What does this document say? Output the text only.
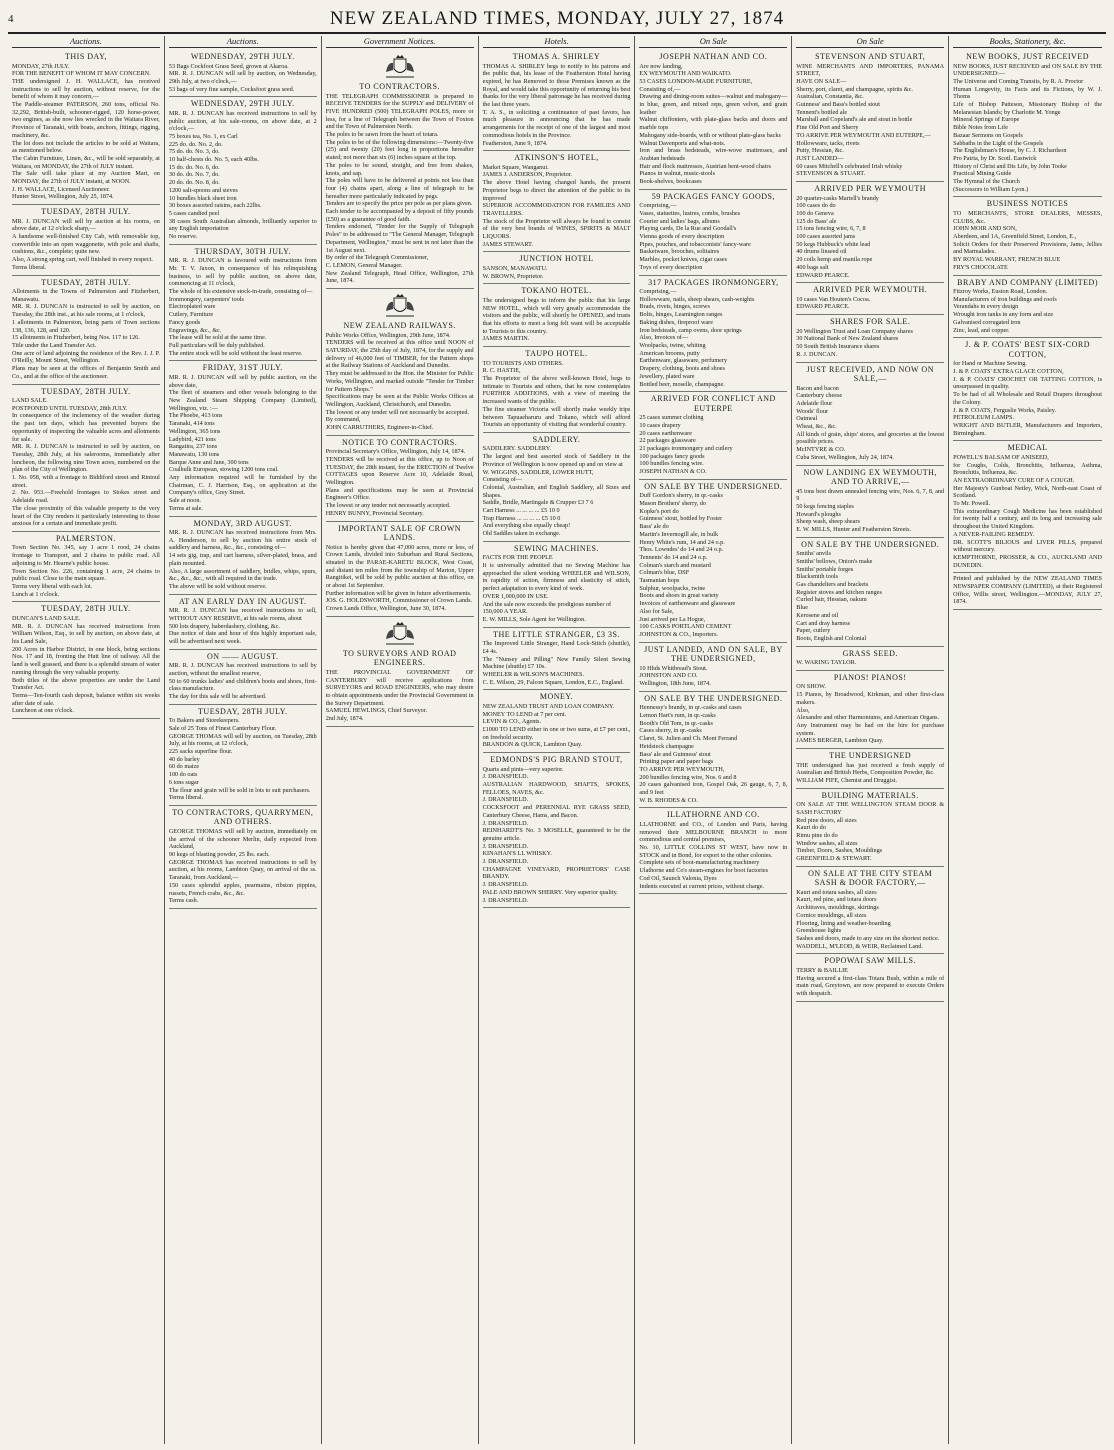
4	NEW ZEALAND TIMES, MONDAY, JULY 27, 1874
Auctions.
THIS DAY,
MONDAY, 27th JULY.
FOR THE BENEFIT OF WHOM IT MAY CONCERN.
THE undersigned J. H. WALLACE, has received instructions to sell by auction, without reserve, for the benefit of whom it may concern,—
The Paddle-steamer PATERSON, 260 tons, official No. 32,292, British-built, schooner-rigged, 120 horse-power, two engines, as she now lies wrecked in the Waitara River, Province of Taranaki, with boats, anchors, fittings, rigging, machinery, &c.
The lot does not include the articles to be sold at Waitara, as mentioned below.
The Cabin Furniture, Linen, &c., will be sold separately, at Waitara, on MONDAY, the 27th of JULY instant.
The Sale will take place at my Auction Mart, on MONDAY, the 27th of JULY instant, at NOON.
J. H. WALLACE, Licensed Auctioneer.
Hunter Street, Wellington, July 25, 1874.
TUESDAY, 28TH JULY.
MR. J. DUNCAN will sell by auction at his rooms, on above date, at 12 o'clock sharp,—
A handsome well-finished City Cab, with removable top, convertible into an open waggonette, with pole and shafts, cushions, &c., complete; quite new.
Also, A strong spring cart, well finished in every respect.
Terms liberal.
TUESDAY, 28TH JULY.
Allotments in the Towns of Palmerston and Fitzherbert, Manawatu.
MR. R. J. DUNCAN is instructed to sell by auction, on Tuesday, the 28th inst., at his sale rooms, at 1 o'clock,
1 allotments in Palmerston, being parts of Town sections 138, 136, 128, and 120.
15 allotments in Fitzherbert, being Nos. 117 to 126.
Title under the Land Transfer Act.
One acre of land adjoining the residence of the Rev. J. J. P. O'Reilly, Mount Street, Wellington.
Plans may be seen at the offices of Benjamin Smith and Co., and at the office of the auctioneer.
TUESDAY, 28TH JULY.
LAND SALE.
POSTPONED UNTIL TUESDAY, 28th JULY.
In consequence of the inclemency of the weather during the past ten days, which has prevented buyers the opportunity of inspecting the valuable acres and allotments for sale.
MR. R. J. DUNCAN is instructed to sell by auction, on Tuesday, 28th July, at his salerooms, immediately after luncheon, the following nine Town acres, numbered on the plan of the City of Wellington.
1. No. 958, with a frontage to Biddiford street and Rintoul street.
2. No. 953.—Freehold frontages to Stokes street and Adelaide road.
The close proximity of this valuable property to the very heart of the City renders it particularly interesting to those anxious for a certain and immediate profit.
PALMERSTON.
Town Section No. 345, say 1 acre 1 rood, 24 chains frontage to Transport, and 2 chains to public road. All adjoining to Mr. Hearne's public house.
Town Section No. 226, containing 1 acre, 24 chains to public road. Close to the main square.
Terms very liberal with each lot.
Lunch at 1 o'clock.
TUESDAY, 28TH JULY.
DUNCAN'S LAND SALE.
MR. R. J. DUNCAN has received instructions from William Wilson, Esq., to sell by auction, on above date, at his Land Sale,
200 Acres in Harbor District, in one block, being sections Nos. 17 and 18, fronting the Hutt line of railway. All the land is well grassed, and there is a splendid stream of water running through the very valuable property.
Both titles of the above properties are under the Land Transfer Act.
Terms—Ten-fourth cash deposit, balance within six weeks after date of sale.
Luncheon at one o'clock.
Auctions.
WEDNESDAY, 29TH JULY.
53 Bags Cockfoot Grass Seed, grown at Akaroa.
MR. R. J. DUNCAN will sell by auction, on Wednesday, 29th July, at two o'clock,—
53 bags of very fine sample, Cocksfoot grass seed.
WEDNESDAY, 29TH JULY.
MR. R. J. DUNCAN has received instructions to sell by public auction, at his sale-rooms, on above date, at 2 o'clock,—
75 boxes tea, No. 1, ex Carl
225 do. do. No. 2, do.
75 do. do. No. 3, do.
10 half-chests do. No. 5, each 40lbs.
15 do. do. No. 6, do.
30 do. do. No. 7, do.
20 do. do. No. 8, do.
1200 salt-spoons and sieves
10 bundles black sheet iron
30 boxes assorted raisins, each 22lbs.
5 cases candied peel
38 cases South Australian almonds, brilliantly superior to any English importation
No reserve.
THURSDAY, 30TH JULY.
MR. R. J. DUNCAN is favoured with instructions from Mr. T. V. Jaxon, in consequence of his relinquishing business, to sell by public auction, on above date, commencing at 11 o'clock,
The whole of his extensive stock-in-trade, consisting of—
Ironmongery, carpenters' tools
Electroplated ware
Cutlery, Furniture
Fancy goods
Engravings, &c., &c.
The lease will be sold at the same time.
Full particulars will be duly published.
The entire stock will be sold without the least reserve.
FRIDAY, 31ST JULY.
MR. R. J. DUNCAN will sell by public auction, on the above date,
The fleet of steamers and other vessels belonging to the New Zealand Steam Shipping Company (Limited), Wellington, viz. :—
The Phoebe, 413 tons
Taranaki, 414 tons
Wellington, 365 tons
Ladybird, 421 tons
Rangatira, 237 tons
Manawatu, 130 tons
Barque Anne and Jane, 300 tons
Coalhulk European, stowing 1200 tons coal.
Any information required will be furnished by the Chairman, C. J. Harrison, Esq., on application at the Company's office, Grey Street.
Sale at noon.
Terms at sale.
MONDAY, 3RD AUGUST.
MR. R. J. DUNCAN has received instructions from Mrs. A. Henderson, to sell by auction his entire stock of saddlery and harness, &c., &c., consisting of—
14 sets gig, trap, and cart harness, silver-plated, brass, and plain mounted.
Also, A large assortment of saddlery, bridles, whips, spurs, &c., &c., &c., with all required in the trade.
The above will be sold without reserve.
AT AN EARLY DAY IN AUGUST.
MR. R. J. DUNCAN has received instructions to sell, WITHOUT ANY RESERVE, at his sale rooms, about
500 lots drapery, haberdashery, clothing, &c.
Due notice of date and hour of this highly important sale, will be advertised next week.
ON —— AUGUST.
MR. R. J. DUNCAN has received instructions to sell by auction, without the smallest reserve,
50 to 60 trunks ladies' and children's boots and shoes, first-class manufacture.
The day for this sale will be advertised.
TUESDAY, 28TH JULY.
To Bakers and Storekeepers.
Sale of 25 Tons of Finest Canterbury Flour.
GEORGE THOMAS will sell by auction, on Tuesday, 28th July, at his rooms, at 12 o'clock,
225 sacks superfine flour.
40 do barley
60 do maize
100 do oats
6 tons sugar
The flour and grain will be sold in lots to suit purchasers.
Terms liberal.
TO CONTRACTORS, QUARRYMEN, AND OTHERS.
GEORGE THOMAS will sell by auction, immediately on the arrival of the schooner Merlin, daily expected from Auckland,
90 kegs of blasting powder, 25 lbs. each.
GEORGE THOMAS has received instructions to sell by auction, at his rooms, Lambton Quay, on arrival of the ss. Taranaki, from Auckland,—
150 cases splendid apples, pearmains, ribston pippins, russets, French crabs, &c., &c.
Terms cash.
Government Notices.
TO CONTRACTORS.
THE TELEGRAPH COMMISSIONER is prepared to RECEIVE TENDERS for the SUPPLY and DELIVERY of FIVE HUNDRED (500) TELEGRAPH POLES, more or less, for a line of Telegraph between the Town of Foxton and the Town of Palmerston North.
The poles to be sawn from the heart of totara.
The poles to be of the following dimensions:—Twenty-five (25) and twenty (20) feet long in proportions hereafter stated; not more than six (6) inches square at the top.
The poles to be sound, straight, and free from shakes, knots, and sap.
The poles will have to be delivered at points not less than four (4) chains apart, along a line of telegraph to be hereafter more particularly indicated by pegs.
Tenders are to specify the price per pole as per plans given.
Each tender to be accompanied by a deposit of fifty pounds (£50) as a guarantee of good faith.
Tenders endorsed, "Tender for the Supply of Telegraph Poles" to be addressed to "The General Manager, Telegraph Department, Wellington," must be sent in not later than the 1st August next.
By order of the Telegraph Commissioner,
C. LEMON, General Manager.
New Zealand Telegraph, Head Office, Wellington, 27th June, 1874.
NEW ZEALAND RAILWAYS.
Public Works Office, Wellington, 29th June, 1874.
TENDERS will be received at this office until NOON of SATURDAY, the 25th day of July, 1874, for the supply and delivery of 46,000 feet of TIMBER, for the Pattern shops at the Railway Stations of Auckland and Dunedin.
They must be addressed to the Hon. the Minister for Public Works, Wellington, and marked outside "Tender for Timber for Pattern Shops."
Specifications may be seen at the Public Works Offices at Wellington, Auckland, Christchurch, and Dunedin.
The lowest or any tender will not necessarily be accepted.
By command,
JOHN CARRUTHERS, Engineer-in-Chief.
NOTICE TO CONTRACTORS.
Provincial Secretary's Office, Wellington, July 14, 1874.
TENDERS will be received at this office, up to Noon of TUESDAY, the 28th instant, for the ERECTION of Twelve COTTAGES upon Reserve Acre 10, Adelaide Road, Wellington.
Plans and specifications may be seen at Provincial Engineer's Office.
The lowest or any tender not necessarily accepted.
HENRY BUNNY, Provincial Secretary.
IMPORTANT SALE OF CROWN LANDS.
Notice is hereby given that 47,000 acres, more or less, of Crown Lands, divided into Suburban and Rural Sections, situated in the PARAE-KARETU BLOCK, West Coast, and distant ten miles from the township of Marton, Upper Rangitikei, will be sold by public auction at this office, on or about 1st September.
Further information will be given in future advertisements.
JOS. G. HOLDSWORTH, Commissioner of Crown Lands.
Crown Lands Office, Wellington, June 30, 1874.
TO SURVEYORS AND ROAD ENGINEERS.
THE PROVINCIAL GOVERNMENT OF CANTERBURY will receive applications from SURVEYORS and ROAD ENGINEERS, who may desire to obtain appointments under the Provincial Government in the Survey Department.
SAMUEL HEWLINGS, Chief Surveyor.
2nd July, 1874.
Hotels.
THOMAS A. SHIRLEY
THOMAS A. SHIRLEY begs to notify to his patrons and the public that, his lease of the Featherston Hotel having expired, he has Removed to those Premises known as the Royal, and would take this opportunity of returning his best thanks for the very liberal patronage he has received during the last three years.
T. A. S., in soliciting a continuance of past favors, has much pleasure in announcing that he has made arrangements for the receipt of one of the largest and most commodious hotels in the Province.
Featherston, June 9, 1874.
ATKINSON'S HOTEL,
Market Square, Wanganui.
JAMES J. ANDERSON, Proprietor.
The above Hotel having changed hands, the present Proprietor begs to direct the attention of the public to its improved
SUPERIOR ACCOMMODATION FOR FAMILIES AND TRAVELLERS.
The stock of the Proprietor will always be found to consist of the very best brands of WINES, SPIRITS & MALT LIQUORS.
JAMES STEWART.
JUNCTION HOTEL
SANSON, MANAWATU.
W. BROWN, Proprietor.
TOKANO HOTEL.
The undersigned begs to inform the public that his large NEW HOTEL, which will very greatly accommodate the visitors and the public, will shortly be OPENED, and trusts that his efforts to meet a long felt want will be acceptable to Tourists to this country.
JAMES MARTIN.
TAUPO HOTEL.
TO TOURISTS AND OTHERS.
R. C. HASTIE,
The Proprietor of the above well-known Hotel, begs to intimate to Tourists and others, that he now contemplates FURTHER ADDITIONS, with a view of meeting the increased wants of the public.
The fine steamer Victoria will shortly make weekly trips between Tapuaeharuru and Tokano, which will afford Tourists an opportunity of visiting that wonderful country.
SADDLERY.
SADDLERY. SADDLERY.
The largest and best assorted stock of Saddlery in the Province of Wellington is now opened up and on view at
W. WIGGINS, SADDLER, LOWER HUTT,
Consisting of—
Colonial, Australian, and English Saddlery, all Sizes and Shapes.
Saddle, Bridle, Martingale & Crupper £3 7 6
Cart Harness ... ... ... ... £5 10 0
Trap Harness ... ... ... ... £5 10 0
And everything else equally cheap!
Old Saddles taken in exchange.
SEWING MACHINES.
FACTS FOR THE PEOPLE
It is universally admitted that no Sewing Machine has approached the silent working WHEELER and WILSON, in rapidity of action, firmness and elasticity of stitch, perfect adaptation to every kind of work.
OVER 1,000,000 IN USE.
And the sale now exceeds the prodigious number of
150,000 A YEAR.
E. W. MILLS, Sole Agent for Wellington.
THE LITTLE STRANGER, £3 3S.
The Improved Little Stranger, Hand Lock-Stitch (shuttle), £4 4s.
The "Nunsey and Pilling" New Family Silent Sewing Machine (shuttle) £7 10s.
WHEELER & WILSON'S MACHINES.
C. E. Wilson, 29, Falcon Square, London, E.C., England.
MONEY.
NEW ZEALAND TRUST AND LOAN COMPANY.
MONEY TO LEND at 7 per cent.
LEVIN & CO., Agents.
£1000 TO LEND either in one or two sums, at £7 per cent., on freehold security.
BRANDON & QUICK, Lambton Quay.
EDMONDS'S PIG BRAND STOUT,
Quarts and pints—very superior.
J. DRANSFIELD.
AUSTRALIAN HARDWOOD, SHAFTS, SPOKES, FELLOES, NAVES, &c.
J. DRANSFIELD.
COCKSFOOT and PERENNIAL RYE GRASS SEED, Canterbury Cheese, Hams, and Bacon.
J. DRANSFIELD.
REINHARDT'S No. 3 MOSELLE, guaranteed to be the genuine article.
J. DRANSFIELD.
KINAHAN'S LL WHISKY.
J. DRANSFIELD.
CHAMPAGNE VINEYARD, PROPRIETORS' CASE BRANDY.
J. DRANSFIELD.
PALE AND BROWN SHERRY. Very superior quality.
J. DRANSFIELD.
On Sale
JOSEPH NATHAN AND CO.
Are now landing,
EX WEYMOUTH AND WAIKATO.
53 CASES LONDON-MADE FURNITURE,
Consisting of,—
Drawing and dining-room suites—walnut and mahogany—in blue, green, and mixed reps, green velvet, and grain leather
Walnut chiffoniers, with plate-glass backs and doors and marble tops
Mahogany side-boards, with or without plate-glass backs
Walnut Davenports and what-nots.
Iron and brass bedsteads, wire-wove mattresses, and Arabian bedsteads
Hair and flock mattresses, Austrian bent-wood chairs
Pianos in walnut, music-stools
Book-shelves, bookcases
59 PACKAGES FANCY GOODS,
Comprising,—
Vases, statuettes, lustres, combs, brushes
Courier and ladies' bags, albums
Playing cards, De la Rue and Goodall's
Vienna goods of every description
Pipes, pouches, and tobacconists' fancy-ware
Basketware, brooches, solitaires
Marbles, pocket knives, cigar cases
Toys of every description
317 PACKAGES IRONMONGERY,
Comprising,—
Hollowware, nails, sheep shears, cash-weights
Brads, rivets, hinges, screws
Bolts, hinges, Leamington ranges
Baking dishes, fireproof ware
Iron bedsteads, camp ovens, door springs
Also, Invoices of—
Woolpacks, twine, whiting
American brooms, putty
Earthenware, glassware, perfumery
Drapery, clothing, boots and shoes
Jewellery, plated ware
Bottled beer, moselle, champagne.
ARRIVED FOR CONFLICT AND EUTERPE
25 cases summer clothing
10 cases drapery
20 cases earthenware
22 packages glassware
21 packages ironmongery and cutlery
100 packages fancy goods
100 bundles fencing wire.
JOSEPH NATHAN & CO.
ON SALE BY THE UNDERSIGNED.
Duff Gordon's sherry, in qr.-casks
Mason Brothers' sherry, do
Kopke's port do
Guinness' stout, bottled by Foster
Bass' ale do
Martin's Invernogill ale, in bulk
Henry White's rum, 14 and 24 o.p.
Thos. Lowndes' do 14 and 24 o.p.
Tennents' do 14 and 24 o.p.
Colman's starch and mustard
Colman's blue, DSF
Tasmanian hops
Sulphur, woolpacks, twine
Boots and shoes in great variety
Invoices of earthenware and glassware
Also for Sale,
Just arrived per La Hogue,
100 CASKS PORTLAND CEMENT
JOHNSTON & CO., Importers.
JUST LANDED, AND ON SALE, BY THE UNDERSIGNED,
10 Hhds Whitbread's Stout.
JOHNSTON AND CO.
Wellington, 18th June, 1874.
ON SALE BY THE UNDERSIGNED.
Hennessy's brandy, in qr.-casks and cases
Lemon Hart's rum, in qr.-casks
Booth's Old Tom, in qr.-casks
Cases sherry, in qr.-casks
Claret, St. Julien and Ch. Mont Ferrand
Heidsieck champagne
Bass' ale and Guinness' stout
Printing paper and paper bags
TO ARRIVE PER WEYMOUTH,
200 bundles fencing wire, Nos. 6 and 8
20 cases galvanised iron, Gospel Oak, 26 gauge, 6, 7, 8, and 9 feet
W. B. RHODES & CO.
ILLATHORNE AND CO.
LLATHORNE and CO., of London and Paris, having removed their MELBOURNE BRANCH to more commodious and central premises,
No. 10, LITTLE COLLINS ST WEST, have now in STOCK and in Bond, for export to the other colonies.
Complete sets of boot-manufacturing machinery
Ulathorne and Co's steam-engines for boot factories
Cod Oil, Saunch Valonia, Dyes
Indents executed at current prices, without charge.
On Sale
STEVENSON AND STUART,
WINE MERCHANTS AND IMPORTERS, PANAMA STREET,
HAVE ON SALE—
Sherry, port, claret, and champagne, spirits &c.
Australian, Constantia, &c.
Guinness' and Bass's bottled stout
Tennent's bottled ale
Marshall and Copeland's ale and stout in bottle
Fine Old Port and Sherry
TO ARRIVE PER WEYMOUTH AND EUTERPE,—
Hollowware, tacks, rivets
Putty, Hessian, &c.
JUST LANDED—
60 cases Mitchell's celebrated Irish whisky
STEVENSON & STUART.
ARRIVED PER WEYMOUTH
20 quarter-casks Martell's brandy
100 cases do do
100 do Geneva
125 do Bass' ale
15 tons fencing wire, 6, 7, 8
100 cases assorted jams
50 kegs Hubbuck's white lead
40 drums linseed oil
20 coils hemp and manila rope
400 bags salt
EDWARD PEARCE.
ARRIVED PER WEYMOUTH.
10 cases Van Houten's Cocoa.
EDWARD PEARCE.
SHARES FOR SALE.
20 Wellington Trust and Loan Company shares
30 National Bank of New Zealand shares
50 South British Insurance shares
R. J. DUNCAN.
JUST RECEIVED, AND NOW ON SALE,—
Bacon and bacon
Canterbury cheese
Adelaide flour
Woods' flour
Oatmeal
Wheat, &c., &c.
All kinds of grain, ships' stores, and groceries at the lowest possible prices.
McINTYRE & CO.
Cuba Street, Wellington, July 24, 1874.
NOW LANDING EX WEYMOUTH, AND TO ARRIVE,—
45 tons best drawn annealed fencing wire, Nos. 6, 7, 8, and 9
50 kegs fencing staples
Howard's ploughs
Sheep wash, sheep shears
E. W. MILLS, Hunter and Featherston Streets.
ON SALE BY THE UNDERSIGNED.
Smiths' anvils
Smiths' bellows, Onion's make
Smiths' portable forges
Blacksmith tools
Gas chandeliers and brackets
Register stoves and kitchen ranges
Curled hair, Hessian, oakum
Blue
Kerosene and oil
Cart and dray harness
Paper, cutlery
Boots, English and Colonial
GRASS SEED.
W. WARING TAYLOR.
PIANOS! PIANOS!
ON SHOW.
15 Pianos, by Broadwood, Kirkman, and other first-class makers.
Also,
Alexandre and other Harmoniums, and American Organs.
Any Instrument may be had on the hire for purchase system.
JAMES BERGER, Lambton Quay.
THE UNDERSIGNED
THE undersigned has just received a fresh supply of Australian and British Herbs, Composition Powder, &c.
WILLIAM FIFE, Chemist and Druggist.
BUILDING MATERIALS.
ON SALE AT THE WELLINGTON STEAM DOOR & SASH FACTORY
Red pine doors, all sizes
Kauri do do
Rimu pine do do
Window sashes, all sizes
Timber, Doors, Sashes, Mouldings
GREENFIELD & STEWART.
ON SALE AT THE CITY STEAM SASH & DOOR FACTORY,—
Kauri and totara sashes, all sizes
Kauri, red pine, and totara doors
Architraves, mouldings, skirtings
Cornice mouldings, all sizes
Flooring, lining and weather-boarding
Greenhouse lights
Sashes and doors, made to any size on the shortest notice.
WADDELL, M'LEOD, & WEIR, Reclaimed Land.
POPOWAI SAW MILLS.
TERRY & BAILLIE
Having secured a first-class Totara Bush, within a mile of main road, Greytown, are now prepared to execute Orders with despatch.
Books, Stationery, &c.
NEW BOOKS, JUST RECEIVED
NEW BOOKS, JUST RECEIVED and ON SALE BY THE UNDERSIGNED:—
The Universe and Coming Transits, by R. A. Proctor
Human Longevity, its Facts and its Fictions, by W. J. Thoms
Life of Bishop Patteson, Missionary Bishop of the Melanesian Islands; by Charlotte M. Yonge
Mineral Springs of Europe
Bible Notes from Life
Bazaar Sermons on Gospels
Sabbaths in the Light of the Gospels
The Englishman's House, by C. J. Richardson
Pro Patria, by Dr. Scotl. Eastwick
History of Christ and Dis Life, by John Tooke
Practical Mining Guide
The Hymnal of the Church
(Successors to William Lyon.)
BUSINESS NOTICES
TO MERCHANTS, STORE DEALERS, MESSES, CLUBS, &c.
JOHN MOIR AND SON,
Aberdeen, and 1A, Greenfield Street, London, E.,
Solicit Orders for their Preserved Provisions, Jams, Jellies and Marmalades.
BY ROYAL WARRANT, FRENCH BLUE
FRY'S CHOCOLATE
BRABY AND COMPANY (LIMITED)
Fitzroy Works, Euston Road, London.
Manufacturers of iron buildings and roofs
Verandahs in every design
Wrought iron tanks in any form and size
Galvanised corrugated iron
Zinc, lead, and copper.
J. & P. COATS' BEST SIX-CORD COTTON,
for Hand or Machine Sewing.
J. & P. COATS' EXTRA GLACE COTTON,
J. & P. COATS' CROCHET OR TATTING COTTON, is unsurpassed in quality.
To be had of all Wholesale and Retail Drapers throughout the Colony.
J. & P. COATS, Ferguslie Works, Paisley.
PETROLEUM LAMPS.
WRIGHT AND BUTLER, Manufacturers and Importers, Birmingham.
MEDICAL
POWELL'S BALSAM OF ANISEED,
for Coughs, Colds, Bronchitis, Influenza, Asthma, Bronchitis, Influenza, &c.
AN EXTRAORDINARY CURE OF A COUGH.
Her Majesty's Gunboat Netley, Wick, North-east Coast of Scotland.
To Mr. Powell.
This extraordinary Cough Medicine has been established for twenty half a century, and its long and increasing sale throughout the United Kingdom.
A NEVER-FAILING REMEDY.
DR. SCOTT'S BILIOUS and LIVER PILLS, prepared without mercury.
KEMPTHORNE, PROSSER, & CO., AUCKLAND AND DUNEDIN.
Printed and published by the NEW ZEALAND TIMES NEWSPAPER COMPANY (LIMITED), at their Registered Office, Willis street, Wellington.—MONDAY, JULY 27, 1874.
